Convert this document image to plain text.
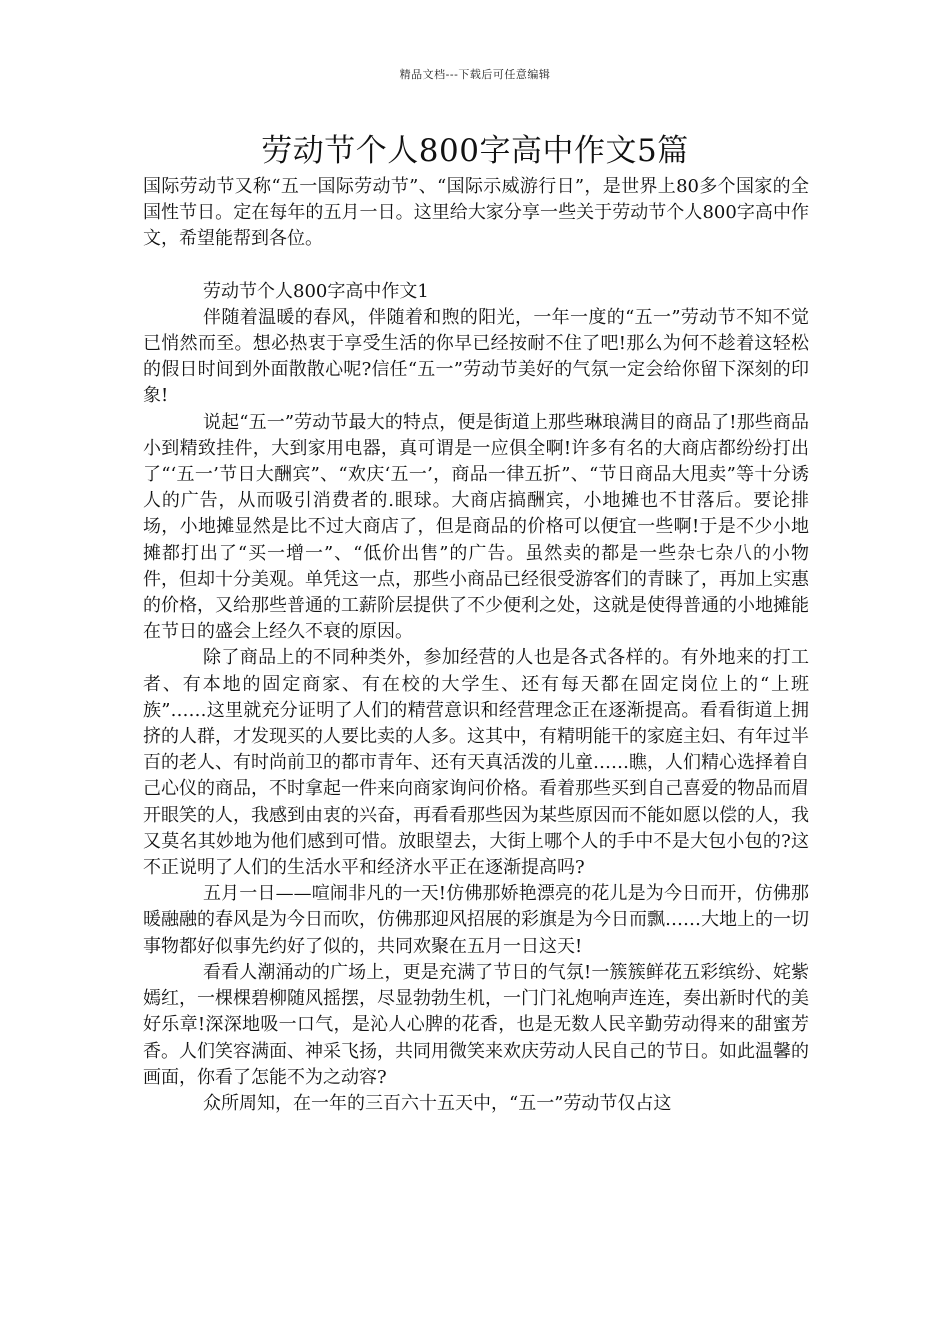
精品文档---下载后可任意编辑
劳动节个人800字高中作文5篇

国际劳动节又称“五一国际劳动节”、“国际示威游行日”，是世界上80多个国家的全国性节日。定在每年的五月一日。这里给大家分享一些关于劳动节个人800字高中作文，希望能帮到各位。

劳动节个人800字高中作文1

伴随着温暖的春风，伴随着和煦的阳光，一年一度的“五一”劳动节不知不觉已悄然而至。想必热衷于享受生活的你早已经按耐不住了吧!那么为何不趁着这轻松的假日时间到外面散散心呢?信任“五一”劳动节美好的气氛一定会给你留下深刻的印象!

说起“五一”劳动节最大的特点，便是街道上那些琳琅满目的商品了!那些商品小到精致挂件，大到家用电器，真可谓是一应俱全啊!许多有名的大商店都纷纷打出了“‘五一’节日大酬宾”、“欢庆‘五一’，商品一律五折”、“节日商品大甩卖”等十分诱人的广告，从而吸引消费者的.眼球。大商店搞酬宾，小地摊也不甘落后。要论排场，小地摊显然是比不过大商店了，但是商品的价格可以便宜一些啊!于是不少小地摊都打出了“买一增一”、“低价出售”的广告。虽然卖的都是一些杂七杂八的小物件，但却十分美观。单凭这一点，那些小商品已经很受游客们的青睐了，再加上实惠的价格，又给那些普通的工薪阶层提供了不少便利之处，这就是使得普通的小地摊能在节日的盛会上经久不衰的原因。

除了商品上的不同种类外，参加经营的人也是各式各样的。有外地来的打工者、有本地的固定商家、有在校的大学生、还有每天都在固定岗位上的“上班族”……这里就充分证明了人们的精营意识和经营理念正在逐渐提高。看看街道上拥挤的人群，才发现买的人要比卖的人多。这其中，有精明能干的家庭主妇、有年过半百的老人、有时尚前卫的都市青年、还有天真活泼的儿童……瞧，人们精心选择着自己心仪的商品，不时拿起一件来向商家询问价格。看着那些买到自己喜爱的物品而眉开眼笑的人，我感到由衷的兴奋，再看看那些因为某些原因而不能如愿以偿的人，我又莫名其妙地为他们感到可惜。放眼望去，大街上哪个人的手中不是大包小包的?这不正说明了人们的生活水平和经济水平正在逐渐提高吗?

五月一日——喧闹非凡的一天!仿佛那娇艳漂亮的花儿是为今日而开，仿佛那暖融融的春风是为今日而吹，仿佛那迎风招展的彩旗是为今日而飘……大地上的一切事物都好似事先约好了似的，共同欢聚在五月一日这天!

看看人潮涌动的广场上，更是充满了节日的气氛!一簇簇鲜花五彩缤纷、姹紫嫣红，一棵棵碧柳随风摇摆，尽显勃勃生机，一门门礼炮响声连连，奏出新时代的美好乐章!深深地吸一口气，是沁人心脾的花香，也是无数人民辛勤劳动得来的甜蜜芳香。人们笑容满面、神采飞扬，共同用微笑来欢庆劳动人民自己的节日。如此温馨的画面，你看了怎能不为之动容?

众所周知，在一年的三百六十五天中，“五一”劳动节仅占这
